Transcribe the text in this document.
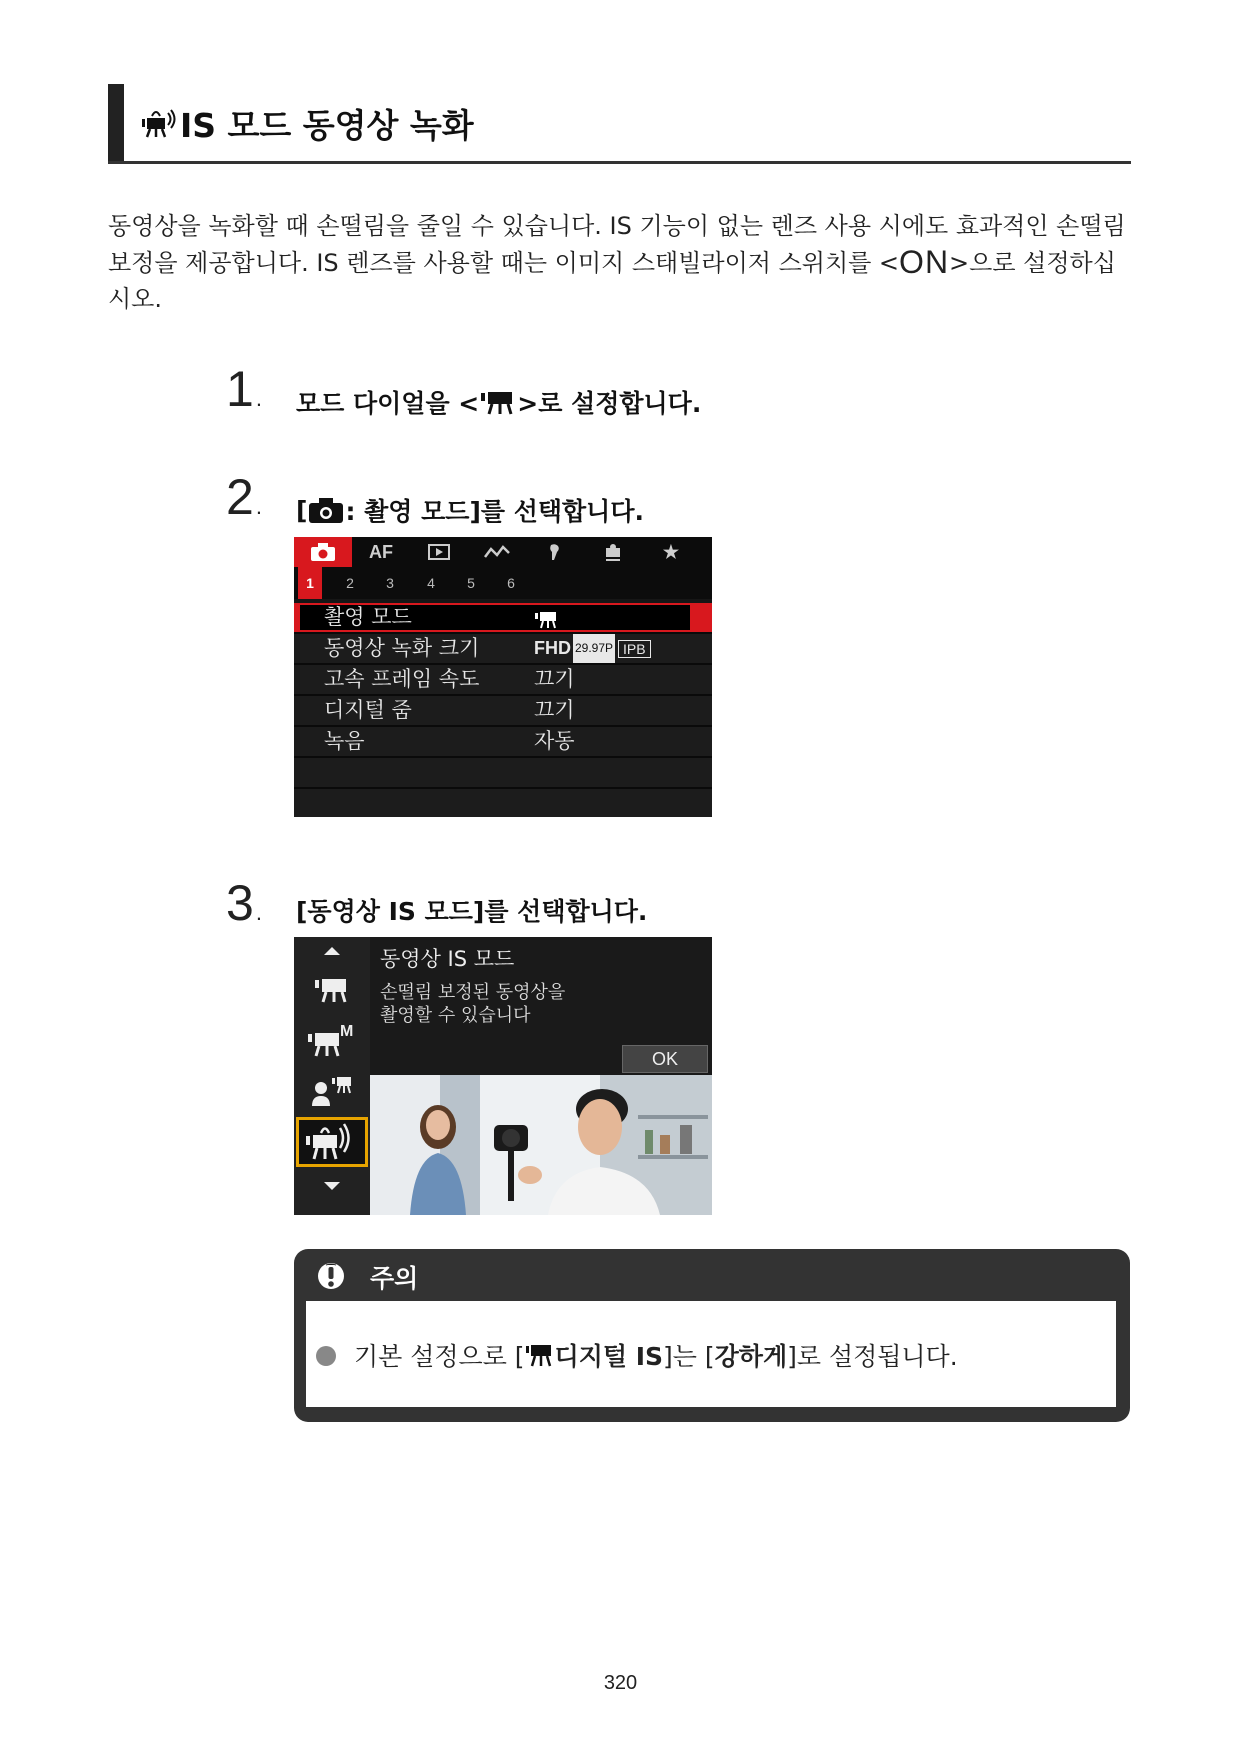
IS 모드 동영상 녹화
동영상을 녹화할 때 손떨림을 줄일 수 있습니다. IS 기능이 없는 렌즈 사용 시에도 효과적인 손떨림
보정을 제공합니다. IS 렌즈를 사용할 때는 이미지 스태빌라이저 스위치를 <ON>으로 설정하십
시오.
1. 모드 다이얼을 < >로 설정합니다.
2. [ : 촬영 모드]를 선택합니다.
AF	★
1	2	3	4	5	6
촬영 모드
동영상 녹화 크기	FHD 29.97P IPB
고속 프레임 속도	끄기
디지털 줌	끄기
녹음	자동
3. [동영상 IS 모드]를 선택합니다.
M
동영상 IS 모드
손떨림 보정된 동영상을
촬영할 수 있습니다
OK
주의
기본 설정으로 [ 디지털 IS ]는 [ 강하게 ]로 설정됩니다.
320
